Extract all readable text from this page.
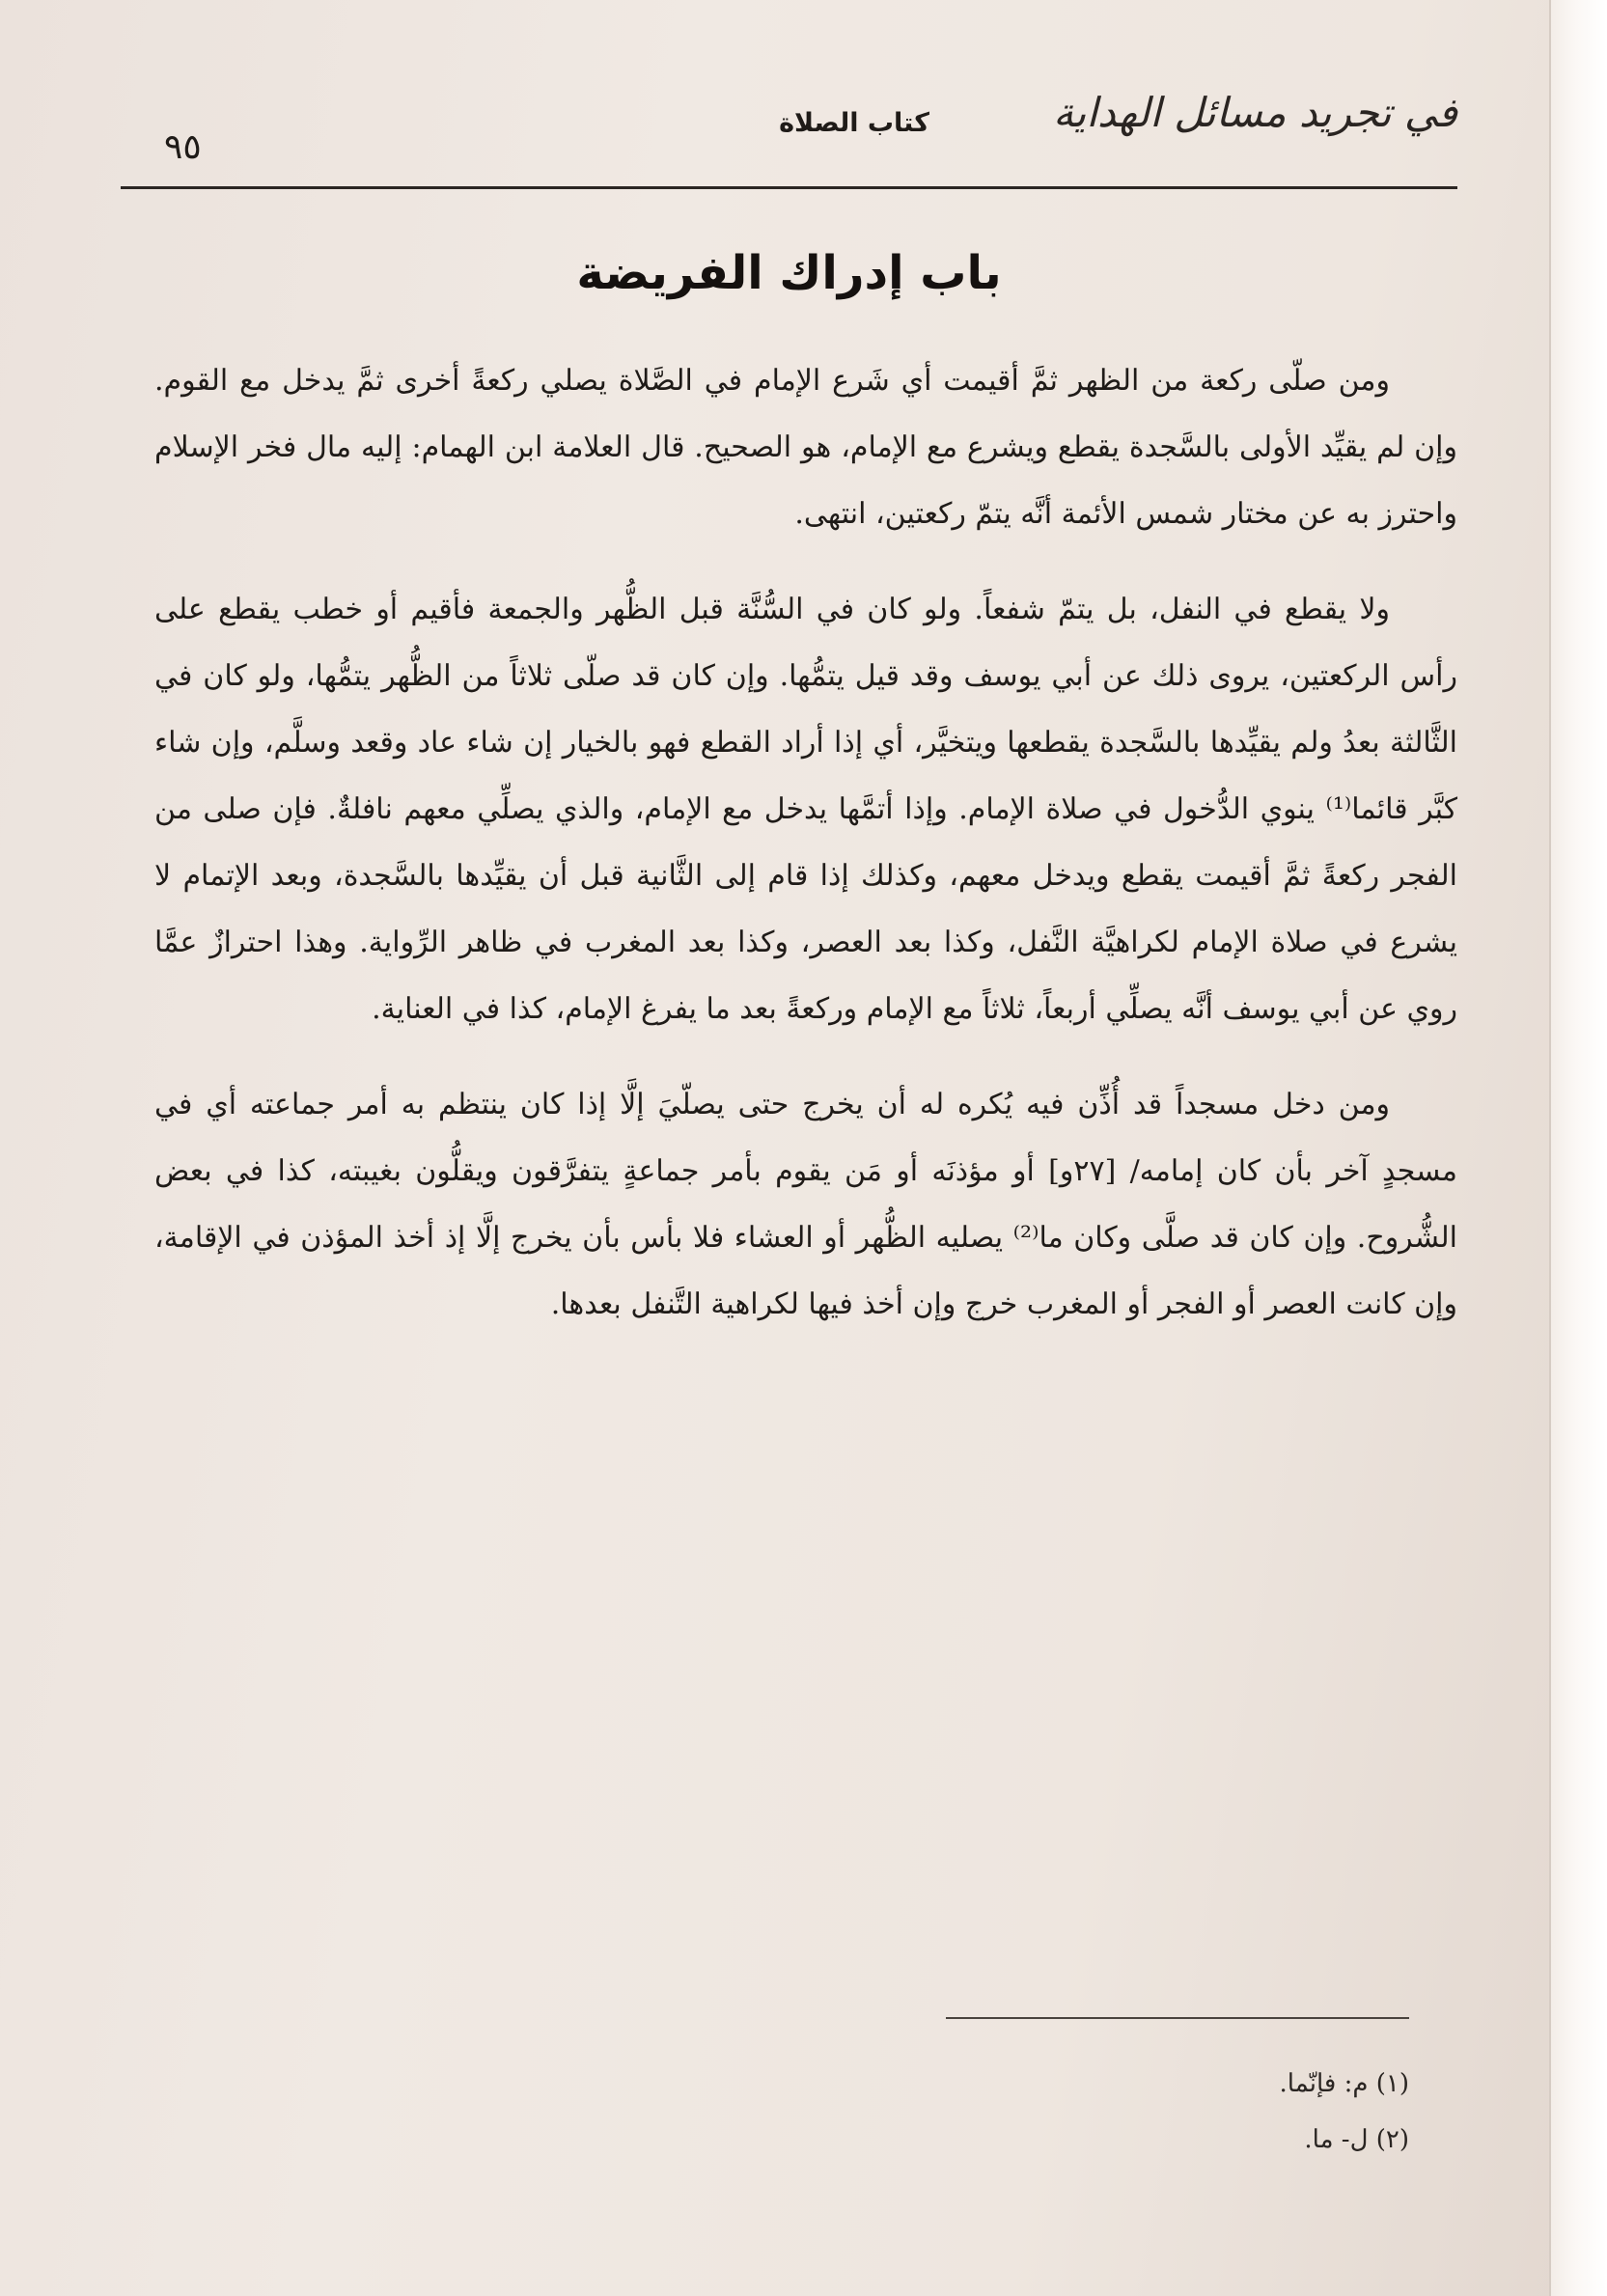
في تجريد مسائل الهداية
كتاب الصلاة
٩٥
باب إدراك الفريضة

ومن صلّى ركعة من الظهر ثمَّ أقيمت أي شَرع الإمام في الصَّلاة يصلي ركعةً أخرى ثمَّ يدخل مع القوم. وإن لم يقيِّد الأولى بالسَّجدة يقطع ويشرع مع الإمام، هو الصحيح. قال العلامة ابن الهمام: إليه مال فخر الإسلام واحترز به عن مختار شمس الأئمة أنَّه يتمّ ركعتين، انتهى.

ولا يقطع في النفل، بل يتمّ شفعاً. ولو كان في السُّنَّة قبل الظُّهر والجمعة فأقيم أو خطب يقطع على رأس الركعتين، يروى ذلك عن أبي يوسف وقد قيل يتمُّها. وإن كان قد صلّى ثلاثاً من الظُّهر يتمُّها، ولو كان في الثَّالثة بعدُ ولم يقيِّدها بالسَّجدة يقطعها ويتخيَّر، أي إذا أراد القطع فهو بالخيار إن شاء عاد وقعد وسلَّم، وإن شاء كبَّر قائما⁽¹⁾ ينوي الدُّخول في صلاة الإمام. وإذا أتمَّها يدخل مع الإمام، والذي يصلِّي معهم نافلةٌ. فإن صلى من الفجر ركعةً ثمَّ أقيمت يقطع ويدخل معهم، وكذلك إذا قام إلى الثَّانية قبل أن يقيِّدها بالسَّجدة، وبعد الإتمام لا يشرع في صلاة الإمام لكراهيَّة النَّفل، وكذا بعد العصر، وكذا بعد المغرب في ظاهر الرِّواية. وهذا احترازٌ عمَّا روي عن أبي يوسف أنَّه يصلِّي أربعاً، ثلاثاً مع الإمام وركعةً بعد ما يفرغ الإمام، كذا في العناية.

ومن دخل مسجداً قد أُذِّن فيه يُكره له أن يخرج حتى يصلّيَ إلَّا إذا كان ينتظم به أمر جماعته أي في مسجدٍ آخر بأن كان إمامه/ [٢٧و] أو مؤذنَه أو مَن يقوم بأمر جماعةٍ يتفرَّقون ويقلُّون بغيبته، كذا في بعض الشُّروح. وإن كان قد صلَّى وكان ما⁽²⁾ يصليه الظُّهر أو العشاء فلا بأس بأن يخرج إلَّا إذ أخذ المؤذن في الإقامة، وإن كانت العصر أو الفجر أو المغرب خرج وإن أخذ فيها لكراهية التَّنفل بعدها.

(١) م: فإنّما.

(٢) ل- ما.
